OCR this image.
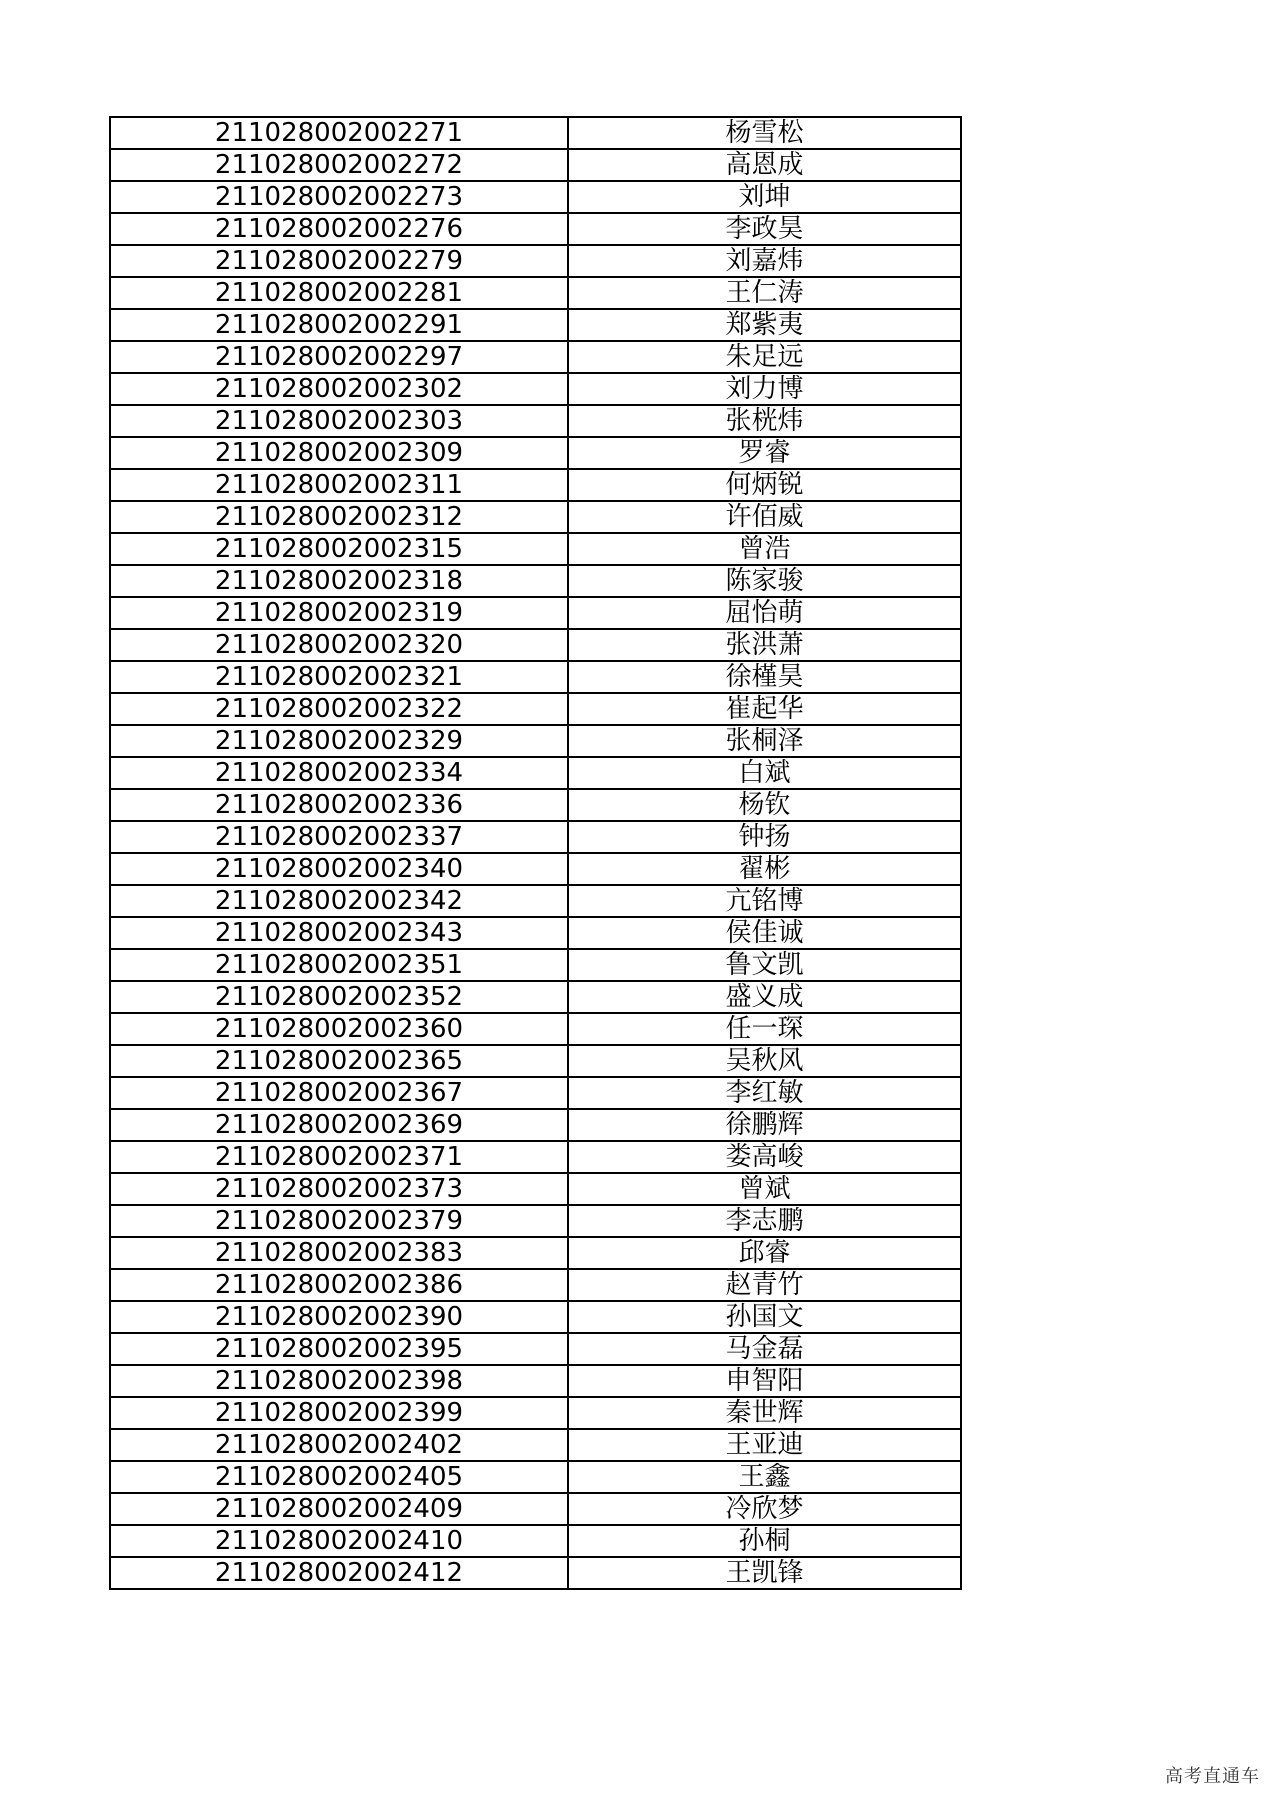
211028002002271	杨雪松
211028002002272	高恩成
211028002002273	刘坤
211028002002276	李政昊
211028002002279	刘嘉炜
211028002002281	王仁涛
211028002002291	郑紫夷
211028002002297	朱足远
211028002002302	刘力博
211028002002303	张桄炜
211028002002309	罗睿
211028002002311	何炳锐
211028002002312	许佰威
211028002002315	曾浩
211028002002318	陈家骏
211028002002319	屈怡萌
211028002002320	张洪萧
211028002002321	徐槿昊
211028002002322	崔起华
211028002002329	张桐泽
211028002002334	白斌
211028002002336	杨钦
211028002002337	钟扬
211028002002340	翟彬
211028002002342	亢铭博
211028002002343	侯佳诚
211028002002351	鲁文凯
211028002002352	盛义成
211028002002360	任一琛
211028002002365	吴秋风
211028002002367	李红敏
211028002002369	徐鹏辉
211028002002371	娄高峻
211028002002373	曾斌
211028002002379	李志鹏
211028002002383	邱睿
211028002002386	赵青竹
211028002002390	孙国文
211028002002395	马金磊
211028002002398	申智阳
211028002002399	秦世辉
211028002002402	王亚迪
211028002002405	王鑫
211028002002409	冷欣梦
211028002002410	孙桐
211028002002412	王凯锋
高考直通车
